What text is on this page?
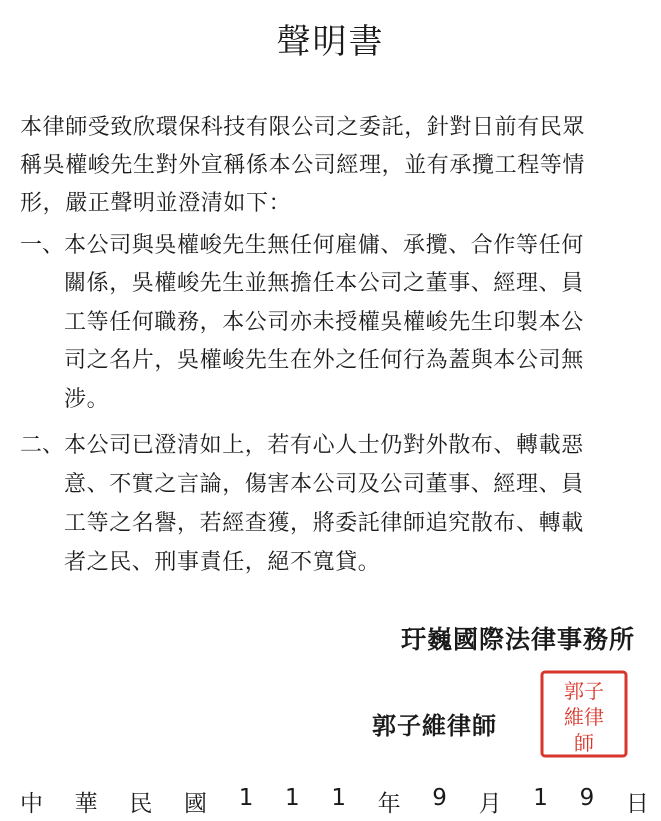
聲明書
本律師受致欣環保科技有限公司之委託，針對日前有民眾
稱吳權峻先生對外宣稱係本公司經理，並有承攬工程等情
形，嚴正聲明並澄清如下：
一、 本公司與吳權峻先生無任何雇傭、承攬、合作等任何
關係，吳權峻先生並無擔任本公司之董事、經理、員
工等任何職務，本公司亦未授權吳權峻先生印製本公
司之名片，吳權峻先生在外之任何行為蓋與本公司無
涉。
二、 本公司已澄清如上，若有心人士仍對外散布、轉載惡
意、不實之言論，傷害本公司及公司董事、經理、員
工等之名譽，若經查獲，將委託律師追究散布、轉載
者之民、刑事責任，絕不寬貸。
玗巍國際法律事務所
郭子維律師
郭子
維律
師
中 華 民 國 1 1 1 年 9 月 1 9 日
